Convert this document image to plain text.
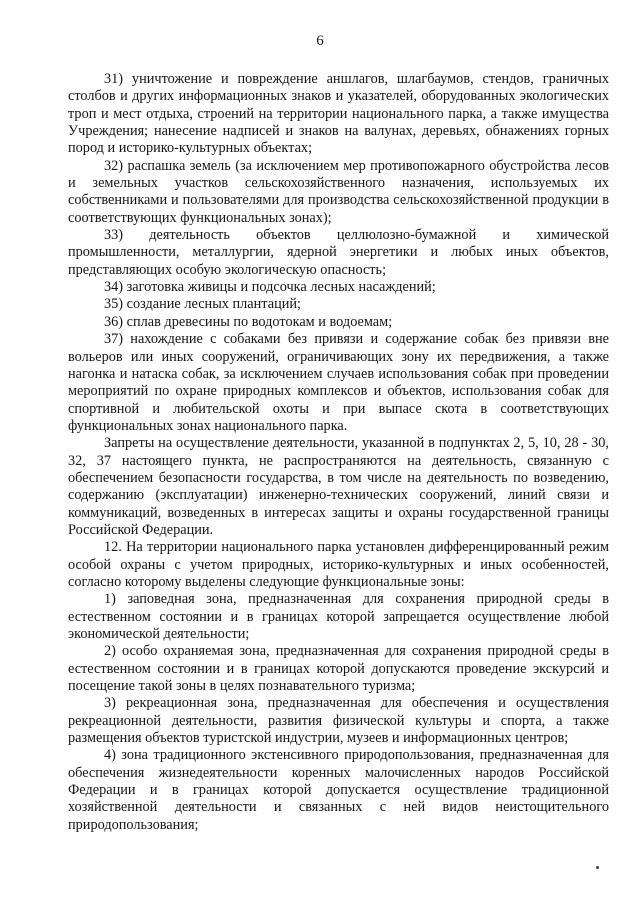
6

31) уничтожение и повреждение аншлагов, шлагбаумов, стендов, граничных столбов и других информационных знаков и указателей, оборудованных экологических троп и мест отдыха, строений на территории национального парка, а также имущества Учреждения; нанесение надписей и знаков на валунах, деревьях, обнажениях горных пород и историко-культурных объектах;

32) распашка земель (за исключением мер противопожарного обустройства лесов и земельных участков сельскохозяйственного назначения, используемых их собственниками и пользователями для производства сельскохозяйственной продукции в соответствующих функциональных зонах);

33) деятельность объектов целлюлозно-бумажной и химической промышленности, металлургии, ядерной энергетики и любых иных объектов, представляющих особую экологическую опасность;

34) заготовка живицы и подсочка лесных насаждений;

35) создание лесных плантаций;

36) сплав древесины по водотокам и водоемам;

37) нахождение с собаками без привязи и содержание собак без привязи вне вольеров или иных сооружений, ограничивающих зону их передвижения, а также нагонка и натаска собак, за исключением случаев использования собак при проведении мероприятий по охране природных комплексов и объектов, использования собак для спортивной и любительской охоты и при выпасе скота в соответствующих функциональных зонах национального парка.

Запреты на осуществление деятельности, указанной в подпунктах 2, 5, 10, 28 - 30, 32, 37 настоящего пункта, не распространяются на деятельность, связанную с обеспечением безопасности государства, в том числе на деятельность по возведению, содержанию (эксплуатации) инженерно-технических сооружений, линий связи и коммуникаций, возведенных в интересах защиты и охраны государственной границы Российской Федерации.

12. На территории национального парка установлен дифференцированный режим особой охраны с учетом природных, историко-культурных и иных особенностей, согласно которому выделены следующие функциональные зоны:

1) заповедная зона, предназначенная для сохранения природной среды в естественном состоянии и в границах которой запрещается осуществление любой экономической деятельности;

2) особо охраняемая зона, предназначенная для сохранения природной среды в естественном состоянии и в границах которой допускаются проведение экскурсий и посещение такой зоны в целях познавательного туризма;

3) рекреационная зона, предназначенная для обеспечения и осуществления рекреационной деятельности, развития физической культуры и спорта, а также размещения объектов туристской индустрии, музеев и информационных центров;

4) зона традиционного экстенсивного природопользования, предназначенная для обеспечения жизнедеятельности коренных малочисленных народов Российской Федерации и в границах которой допускается осуществление традиционной хозяйственной деятельности и связанных с ней видов неистощительного природопользования;
